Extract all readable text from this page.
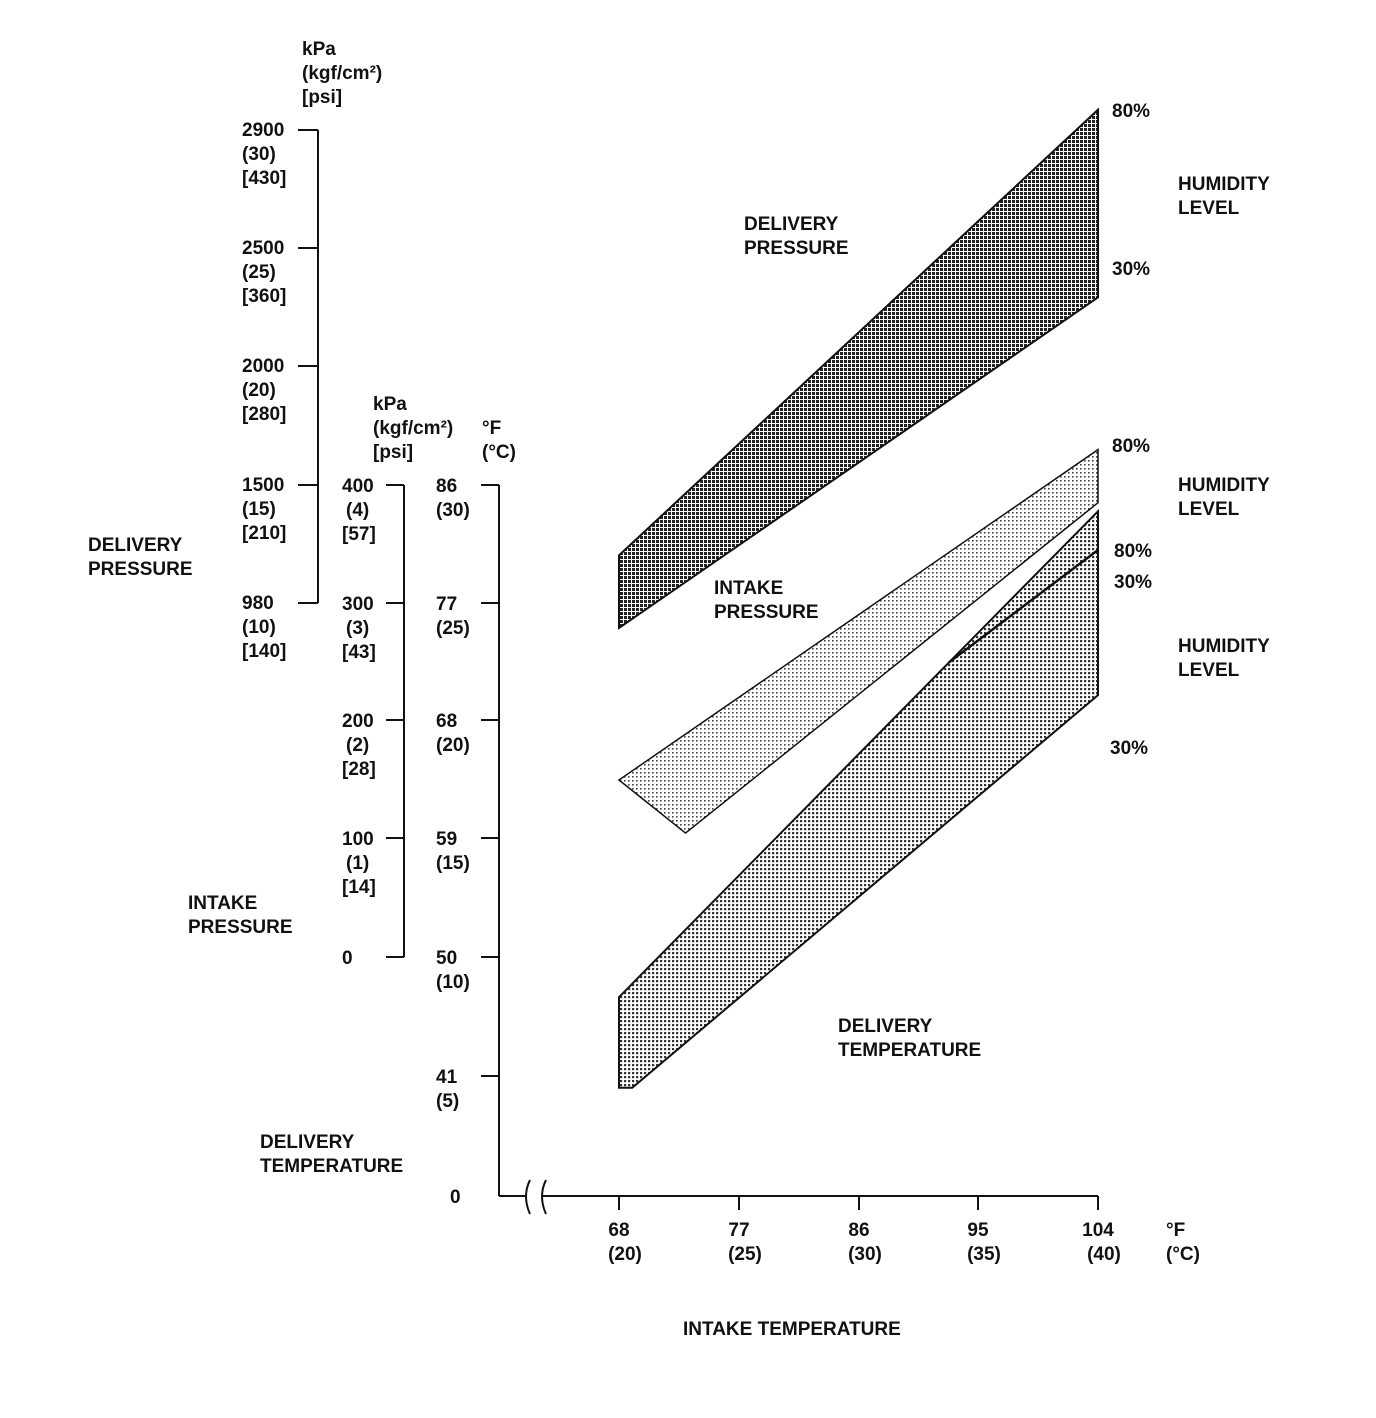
kPa
(kgf/cm²)
[psi]
2900
(30)
[430]
2500
(25)
[360]
2000
(20)
[280]
1500
(15)
[210]
980
(10)
[140]
DELIVERY
PRESSURE
kPa
(kgf/cm²)
[psi]
400
(4)
[57]
300
(3)
[43]
200
(2)
[28]
100
(1)
[14]
0
INTAKE
PRESSURE
°F
(°C)
86
(30)
77
(25)
68
(20)
59
(15)
50
(10)
41
(5)
0
DELIVERY
TEMPERATURE
68
(20)
77
(25)
86
(30)
95
(35)
104
(40)
°F
(°C)
INTAKE TEMPERATURE
DELIVERY
PRESSURE
80%
30%
HUMIDITY
LEVEL
INTAKE
PRESSURE
80%
HUMIDITY
LEVEL
80%
30%
30%
HUMIDITY
LEVEL
DELIVERY
TEMPERATURE
